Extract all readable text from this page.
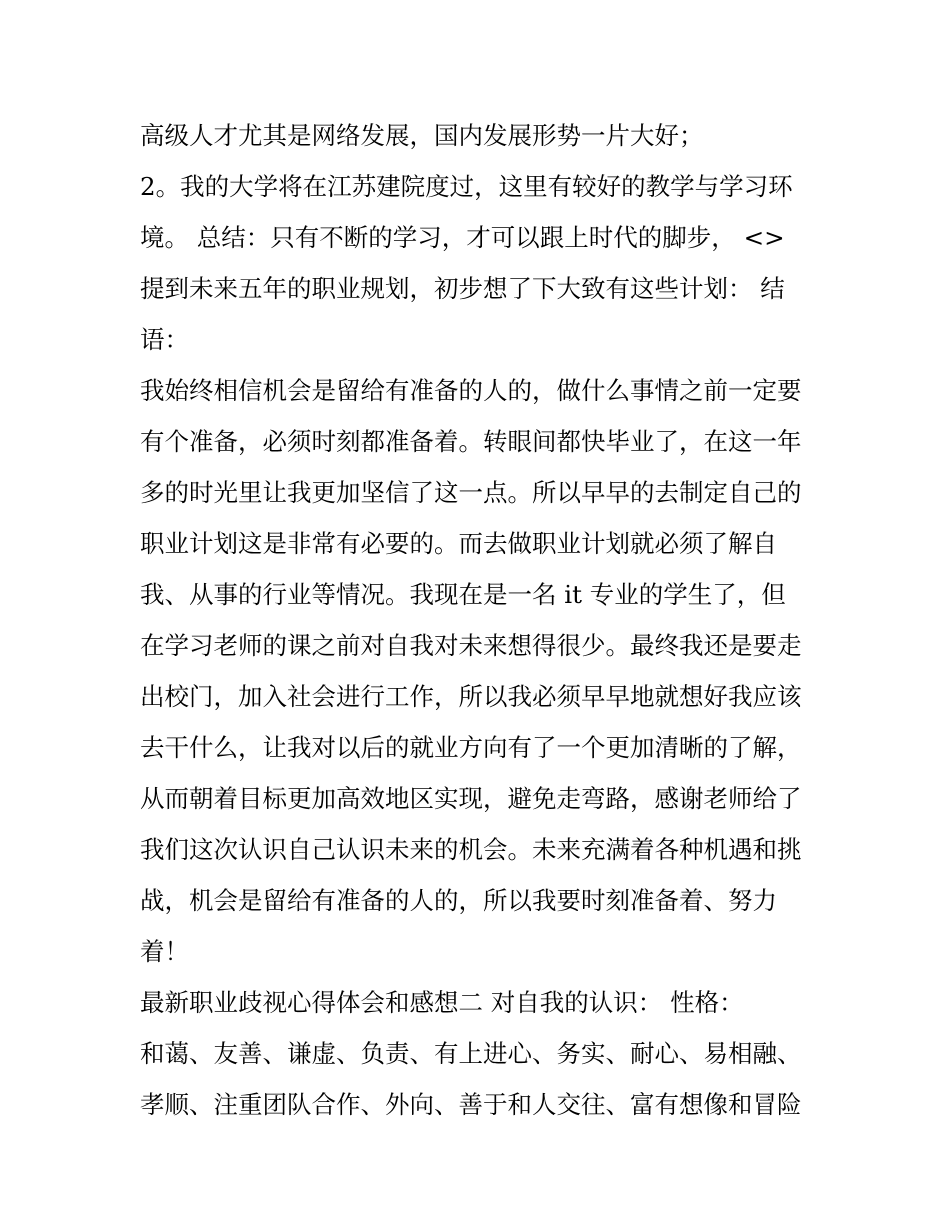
高级人才尤其是网络发展，国内发展形势一片大好；
2。我的大学将在江苏建院度过，这里有较好的教学与学习环
境。 总结：只有不断的学习，才可以跟上时代的脚步， <>
提到未来五年的职业规划，初步想了下大致有这些计划： 结
语：
我始终相信机会是留给有准备的人的，做什么事情之前一定要
有个准备，必须时刻都准备着。转眼间都快毕业了，在这一年
多的时光里让我更加坚信了这一点。所以早早的去制定自己的
职业计划这是非常有必要的。而去做职业计划就必须了解自
我、从事的行业等情况。我现在是一名 it 专业的学生了，但
在学习老师的课之前对自我对未来想得很少。最终我还是要走
出校门，加入社会进行工作，所以我必须早早地就想好我应该
去干什么，让我对以后的就业方向有了一个更加清晰的了解，
从而朝着目标更加高效地区实现，避免走弯路，感谢老师给了
我们这次认识自己认识未来的机会。未来充满着各种机遇和挑
战，机会是留给有准备的人的，所以我要时刻准备着、努力
着！
最新职业歧视心得体会和感想二 对自我的认识： 性格：
和蔼、友善、谦虚、负责、有上进心、务实、耐心、易相融、
孝顺、注重团队合作、外向、善于和人交往、富有想像和冒险
